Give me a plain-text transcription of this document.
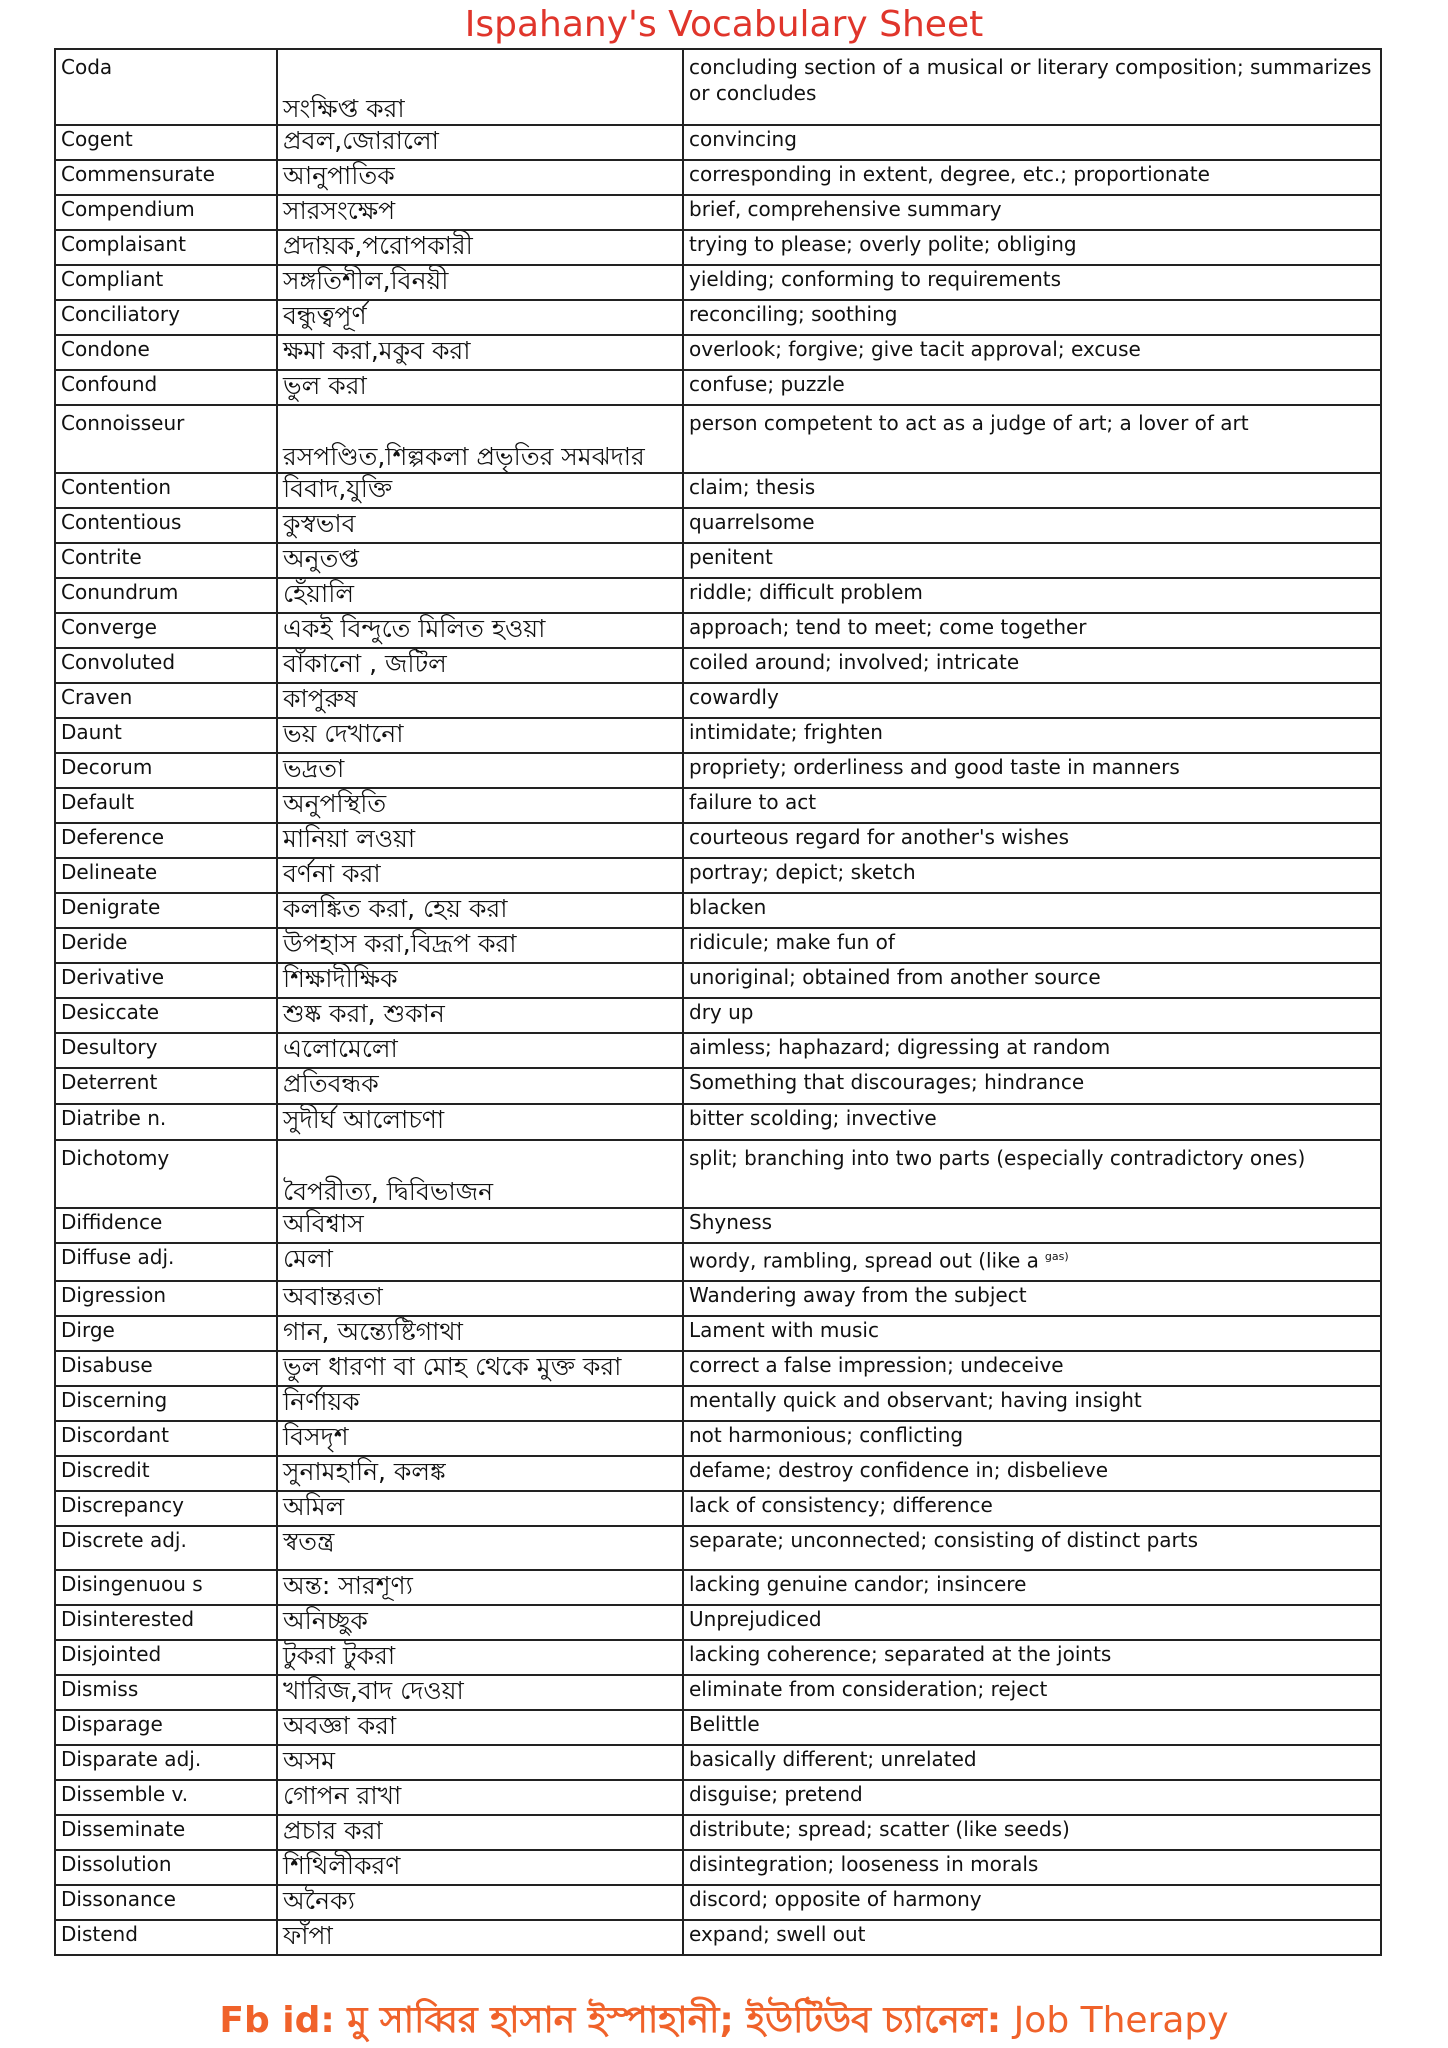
Ispahany's Vocabulary Sheet
Coda	সংক্ষিপ্ত করা	concluding section of a musical or literary composition; summarizes or concludes
Cogent	প্রবল,জোরালো	convincing
Commensurate	আনুপাতিক	corresponding in extent, degree, etc.; proportionate
Compendium	সারসংক্ষেপ	brief, comprehensive summary
Complaisant	প্রদায়ক,পরোপকারী	trying to please; overly polite; obliging
Compliant	সঙ্গতিশীল,বিনয়ী	yielding; conforming to requirements
Conciliatory	বন্ধুত্বপূর্ণ	reconciling; soothing
Condone	ক্ষমা করা,মকুব করা	overlook; forgive; give tacit approval; excuse
Confound	ভুল করা	confuse; puzzle
Connoisseur	রসপণ্ডিত,শিল্পকলা প্রভৃতির সমঝদার	person competent to act as a judge of art; a lover of art
Contention	বিবাদ,যুক্তি	claim; thesis
Contentious	কুস্বভাব	quarrelsome
Contrite	অনুতপ্ত	penitent
Conundrum	হেঁয়ালি	riddle; difficult problem
Converge	একই বিন্দুতে মিলিত হওয়া	approach; tend to meet; come together
Convoluted	বাঁকানো , জটিল	coiled around; involved; intricate
Craven	কাপুরুষ	cowardly
Daunt	ভয় দেখানো	intimidate; frighten
Decorum	ভদ্রতা	propriety; orderliness and good taste in manners
Default	অনুপস্থিতি	failure to act
Deference	মানিয়া লওয়া	courteous regard for another's wishes
Delineate	বর্ণনা করা	portray; depict; sketch
Denigrate	কলঙ্কিত করা, হেয় করা	blacken
Deride	উপহাস করা,বিদ্রূপ করা	ridicule; make fun of
Derivative	শিক্ষাদীক্ষিক	unoriginal; obtained from another source
Desiccate	শুষ্ক করা, শুকান	dry up
Desultory	এলোমেলো	aimless; haphazard; digressing at random
Deterrent	প্রতিবন্ধক	Something that discourages; hindrance
Diatribe n.	সুদীর্ঘ আলোচণা	bitter scolding; invective
Dichotomy	বৈপরীত্য, দ্বিবিভাজন	split; branching into two parts (especially contradictory ones)
Diffidence	অবিশ্বাস	Shyness
Diffuse adj.	মেলা	wordy, rambling, spread out (like a $^{gas)}$
Digression	অবান্তরতা	Wandering away from the subject
Dirge	গান, অন্ত্যেষ্টিগাথা	Lament with music
Disabuse	ভুল ধারণা বা মোহ থেকে মুক্ত করা	correct a false impression; undeceive
Discerning	নির্ণায়ক	mentally quick and observant; having insight
Discordant	বিসদৃশ	not harmonious; conflicting
Discredit	সুনামহানি, কলঙ্ক	defame; destroy confidence in; disbelieve
Discrepancy	অমিল	lack of consistency; difference
Discrete adj.	স্বতন্ত্র	separate; unconnected; consisting of distinct parts
Disingenuou s	অন্ত: সারশূণ্য	lacking genuine candor; insincere
Disinterested	অনিচ্ছুক	Unprejudiced
Disjointed	টুকরা টুকরা	lacking coherence; separated at the joints
Dismiss	খারিজ,বাদ দেওয়া	eliminate from consideration; reject
Disparage	অবজ্ঞা করা	Belittle
Disparate adj.	অসম	basically different; unrelated
Dissemble v.	গোপন রাখা	disguise; pretend
Disseminate	প্রচার করা	distribute; spread; scatter (like seeds)
Dissolution	শিথিলীকরণ	disintegration; looseness in morals
Dissonance	অনৈক্য	discord; opposite of harmony
Distend	ফাঁপা	expand; swell out
Fb id: মু সাব্বির হাসান ইস্পাহানী; ইউটিউব চ্যানেল: Job Therapy
